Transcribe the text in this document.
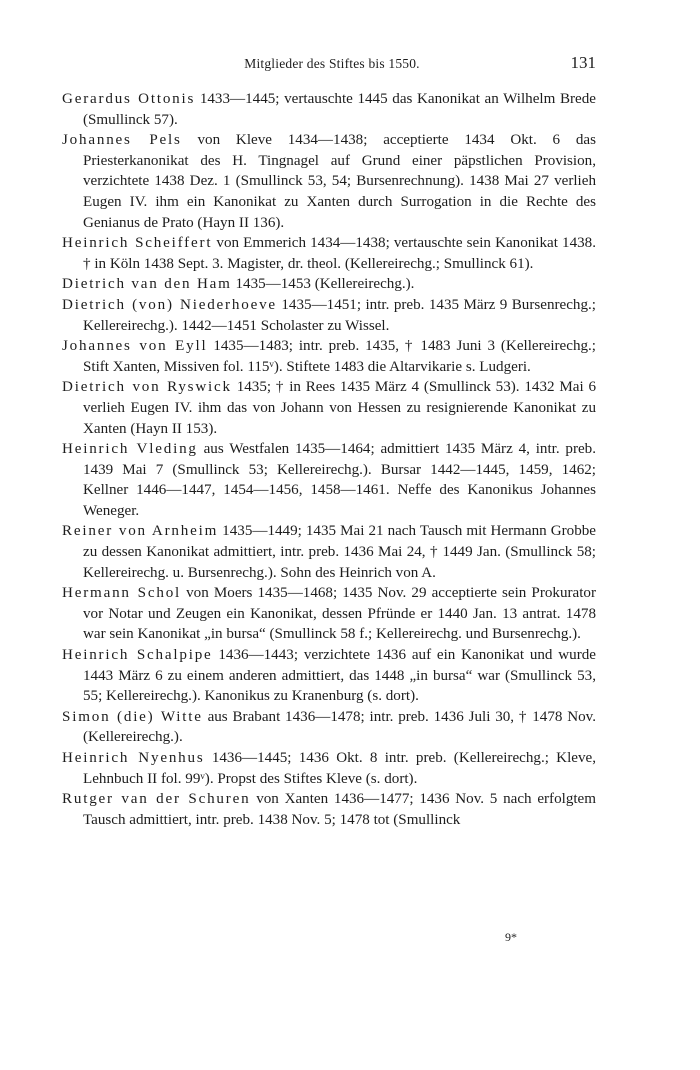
Mitglieder des Stiftes bis 1550.	131

Gerardus Ottonis 1433—1445; vertauschte 1445 das Kanonikat an Wilhelm Brede (Smullinck 57).

Johannes Pels von Kleve 1434—1438; acceptierte 1434 Okt. 6 das Priesterkanonikat des H. Tingnagel auf Grund einer päpstlichen Provision, verzichtete 1438 Dez. 1 (Smullinck 53, 54; Bursenrechnung). 1438 Mai 27 verlieh Eugen IV. ihm ein Kanonikat zu Xanten durch Surrogation in die Rechte des Genianus de Prato (Hayn II 136).

Heinrich Scheiffert von Emmerich 1434—1438; vertauschte sein Kanonikat 1438. † in Köln 1438 Sept. 3. Magister, dr. theol. (Kellereirechg.; Smullinck 61).

Dietrich van den Ham 1435—1453 (Kellereirechg.).

Dietrich (von) Niederhoeve 1435—1451; intr. preb. 1435 März 9 Bursenrechg.; Kellereirechg.). 1442—1451 Scholaster zu Wissel.

Johannes von Eyll 1435—1483; intr. preb. 1435, † 1483 Juni 3 (Kellereirechg.; Stift Xanten, Missiven fol. 115ᵛ). Stiftete 1483 die Altarvikarie s. Ludgeri.

Dietrich von Ryswick 1435; † in Rees 1435 März 4 (Smullinck 53). 1432 Mai 6 verlieh Eugen IV. ihm das von Johann von Hessen zu resignierende Kanonikat zu Xanten (Hayn II 153).

Heinrich Vleding aus Westfalen 1435—1464; admittiert 1435 März 4, intr. preb. 1439 Mai 7 (Smullinck 53; Kellereirechg.). Bursar 1442—1445, 1459, 1462; Kellner 1446—1447, 1454—1456, 1458—1461. Neffe des Kanonikus Johannes Weneger.

Reiner von Arnheim 1435—1449; 1435 Mai 21 nach Tausch mit Hermann Grobbe zu dessen Kanonikat admittiert, intr. preb. 1436 Mai 24, † 1449 Jan. (Smullinck 58; Kellereirechg. u. Bursenrechg.). Sohn des Heinrich von A.

Hermann Schol von Moers 1435—1468; 1435 Nov. 29 acceptierte sein Prokurator vor Notar und Zeugen ein Kanonikat, dessen Pfründe er 1440 Jan. 13 antrat. 1478 war sein Kanonikat „in bursa“ (Smullinck 58 f.; Kellereirechg. und Bursenrechg.).

Heinrich Schalpipe 1436—1443; verzichtete 1436 auf ein Kanonikat und wurde 1443 März 6 zu einem anderen admittiert, das 1448 „in bursa“ war (Smullinck 53, 55; Kellereirechg.). Kanonikus zu Kranenburg (s. dort).

Simon (die) Witte aus Brabant 1436—1478; intr. preb. 1436 Juli 30, † 1478 Nov. (Kellereirechg.).

Heinrich Nyenhus 1436—1445; 1436 Okt. 8 intr. preb. (Kellereirechg.; Kleve, Lehnbuch II fol. 99ᵛ). Propst des Stiftes Kleve (s. dort).

Rutger van der Schuren von Xanten 1436—1477; 1436 Nov. 5 nach erfolgtem Tausch admittiert, intr. preb. 1438 Nov. 5; 1478 tot (Smullinck

9*
